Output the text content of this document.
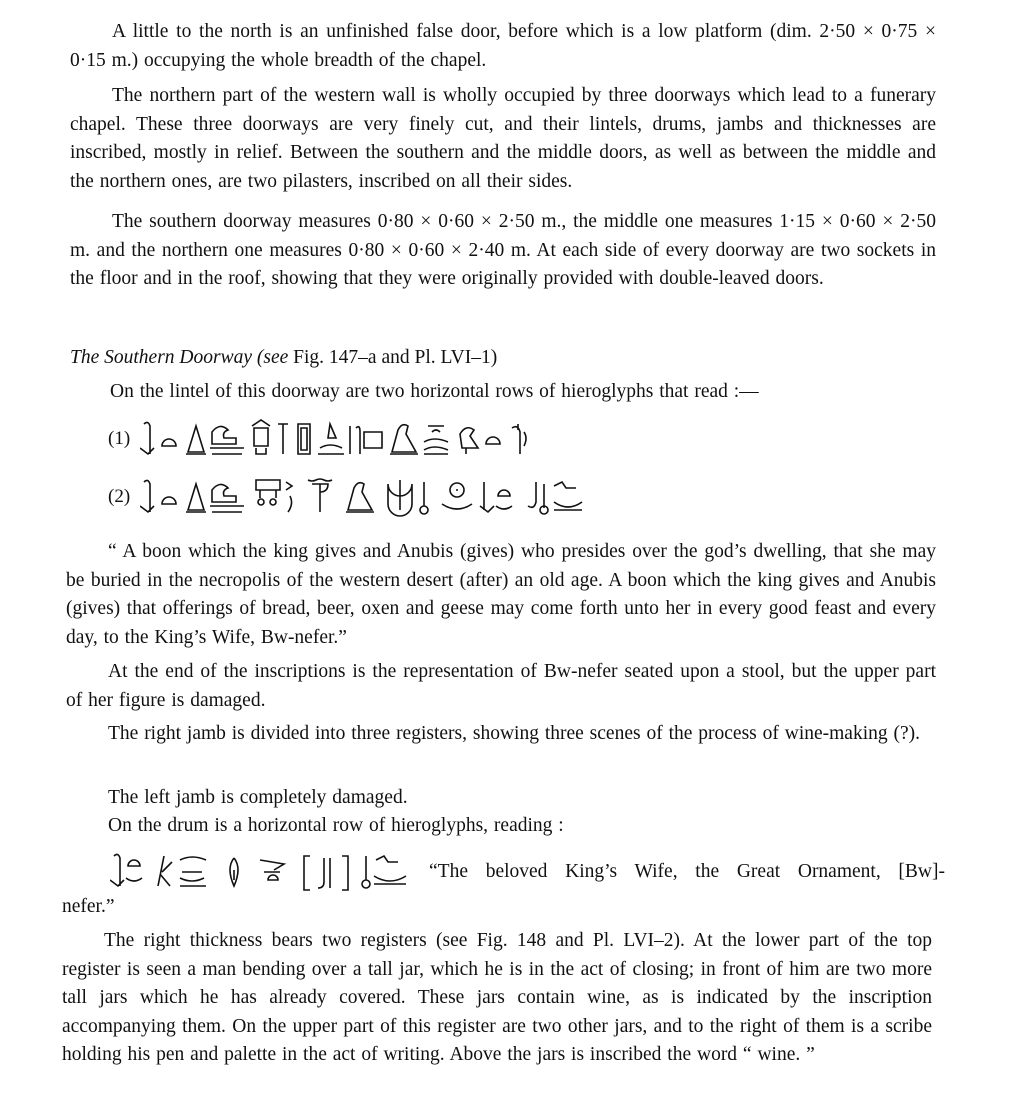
A little to the north is an unfinished false door, before which is a low platform (dim. 2·50 × 0·75 × 0·15 m.) occupying the whole breadth of the chapel.

The northern part of the western wall is wholly occupied by three doorways which lead to a funerary chapel. These three doorways are very finely cut, and their lintels, drums, jambs and thicknesses are inscribed, mostly in relief. Between the southern and the middle doors, as well as between the middle and the northern ones, are two pilasters, inscribed on all their sides.

The southern doorway measures 0·80 × 0·60 × 2·50 m., the middle one measures 1·15 × 0·60 × 2·50 m. and the northern one measures 0·80 × 0·60 × 2·40 m. At each side of every doorway are two sockets in the floor and in the roof, showing that they were originally provided with double-leaved doors.

The Southern Doorway (see Fig. 147–a and Pl. LVI–1)

On the lintel of this doorway are two horizontal rows of hieroglyphs that read :—

(1)
(2)

“ A boon which the king gives and Anubis (gives) who presides over the god’s dwelling, that she may be buried in the necropolis of the western desert (after) an old age. A boon which the king gives and Anubis (gives) that offerings of bread, beer, oxen and geese may come forth unto her in every good feast and every day, to the King’s Wife, Bw-nefer.”

At the end of the inscriptions is the representation of Bw-nefer seated upon a stool, but the upper part of her figure is damaged.

The right jamb is divided into three registers, showing three scenes of the process of wine-making (?).

The left jamb is completely damaged.

On the drum is a horizontal row of hieroglyphs, reading :

“The beloved King’s Wife, the Great Ornament, [Bw]-

nefer.”

The right thickness bears two registers (see Fig. 148 and Pl. LVI–2). At the lower part of the top register is seen a man bending over a tall jar, which he is in the act of closing; in front of him are two more tall jars which he has already covered. These jars contain wine, as is indicated by the inscription accompanying them. On the upper part of this register are two other jars, and to the right of them is a scribe holding his pen and palette in the act of writing. Above the jars is inscribed the word “ wine. ”
